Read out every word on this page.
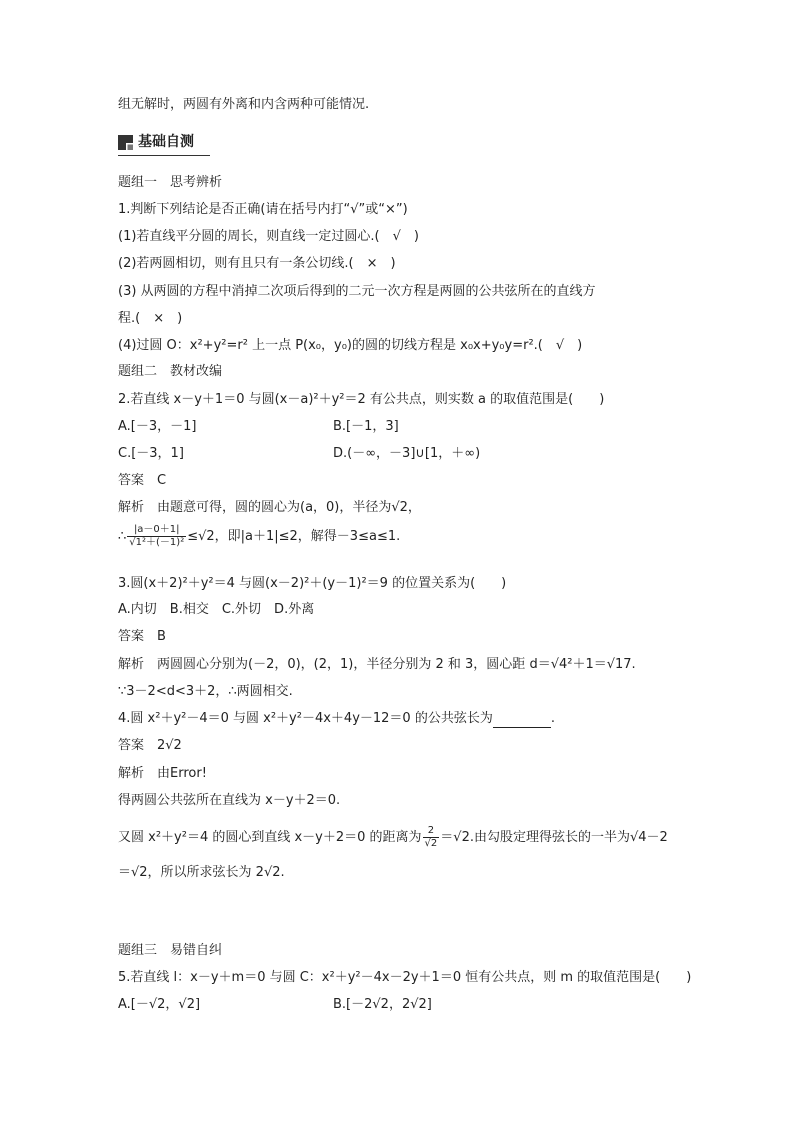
组无解时，两圆有外离和内含两种可能情况.
基础自测
题组一　思考辨析
1.判断下列结论是否正确(请在括号内打“√”或“×”)
(1)若直线平分圆的周长，则直线一定过圆心.(　√　)
(2)若两圆相切，则有且只有一条公切线.(　×　)
(3) 从两圆的方程中消掉二次项后得到的二元一次方程是两圆的公共弦所在的直线方
程.(　×　)
(4)过圆 O：x²+y²=r² 上一点 P(x₀，y₀)的圆的切线方程是 x₀x+y₀y=r².(　√　)
题组二　教材改编
2.若直线 x－y＋1＝0 与圆(x－a)²＋y²＝2 有公共点，则实数 a 的取值范围是(　　)
A.[－3，－1]	B.[－1，3]
C.[－3，1]	D.(－∞，－3]∪[1，＋∞)
答案　C
解析　由题意可得，圆的圆心为(a，0)，半径为√2，
∴ $\frac{|a-0+1|}{\text{√1²＋(－1)²}} \le√2$，即|a＋1|≤2，解得－3≤a≤1.
3.圆(x＋2)²＋y²＝4 与圆(x－2)²＋(y－1)²＝9 的位置关系为(　　)
A.内切　B.相交　C.外切　D.外离
答案　B
解析　两圆圆心分别为(－2，0)，(2，1)，半径分别为 2 和 3，圆心距 d＝√4²＋1＝√17.
∵3－2<d<3＋2，∴两圆相交.
4.圆 x²＋y²－4＝0 与圆 x²＋y²－4x＋4y－12＝0 的公共弦长为	.
答案　2√2
解析　由Error!
得两圆公共弦所在直线为 x－y＋2＝0.
又圆 x²＋y²＝4 的圆心到直线 x－y＋2＝0 的距离为 $\frac{2}{√2} =√2$.由勾股定理得弦长的一半为√4－2
＝√2，所以所求弦长为 2√2.
题组三　易错自纠
5.若直线 l：x－y＋m＝0 与圆 C：x²＋y²－4x－2y＋1＝0 恒有公共点，则 m 的取值范围是(　　)
A.[－√2，√2]	B.[－2√2，2√2]
